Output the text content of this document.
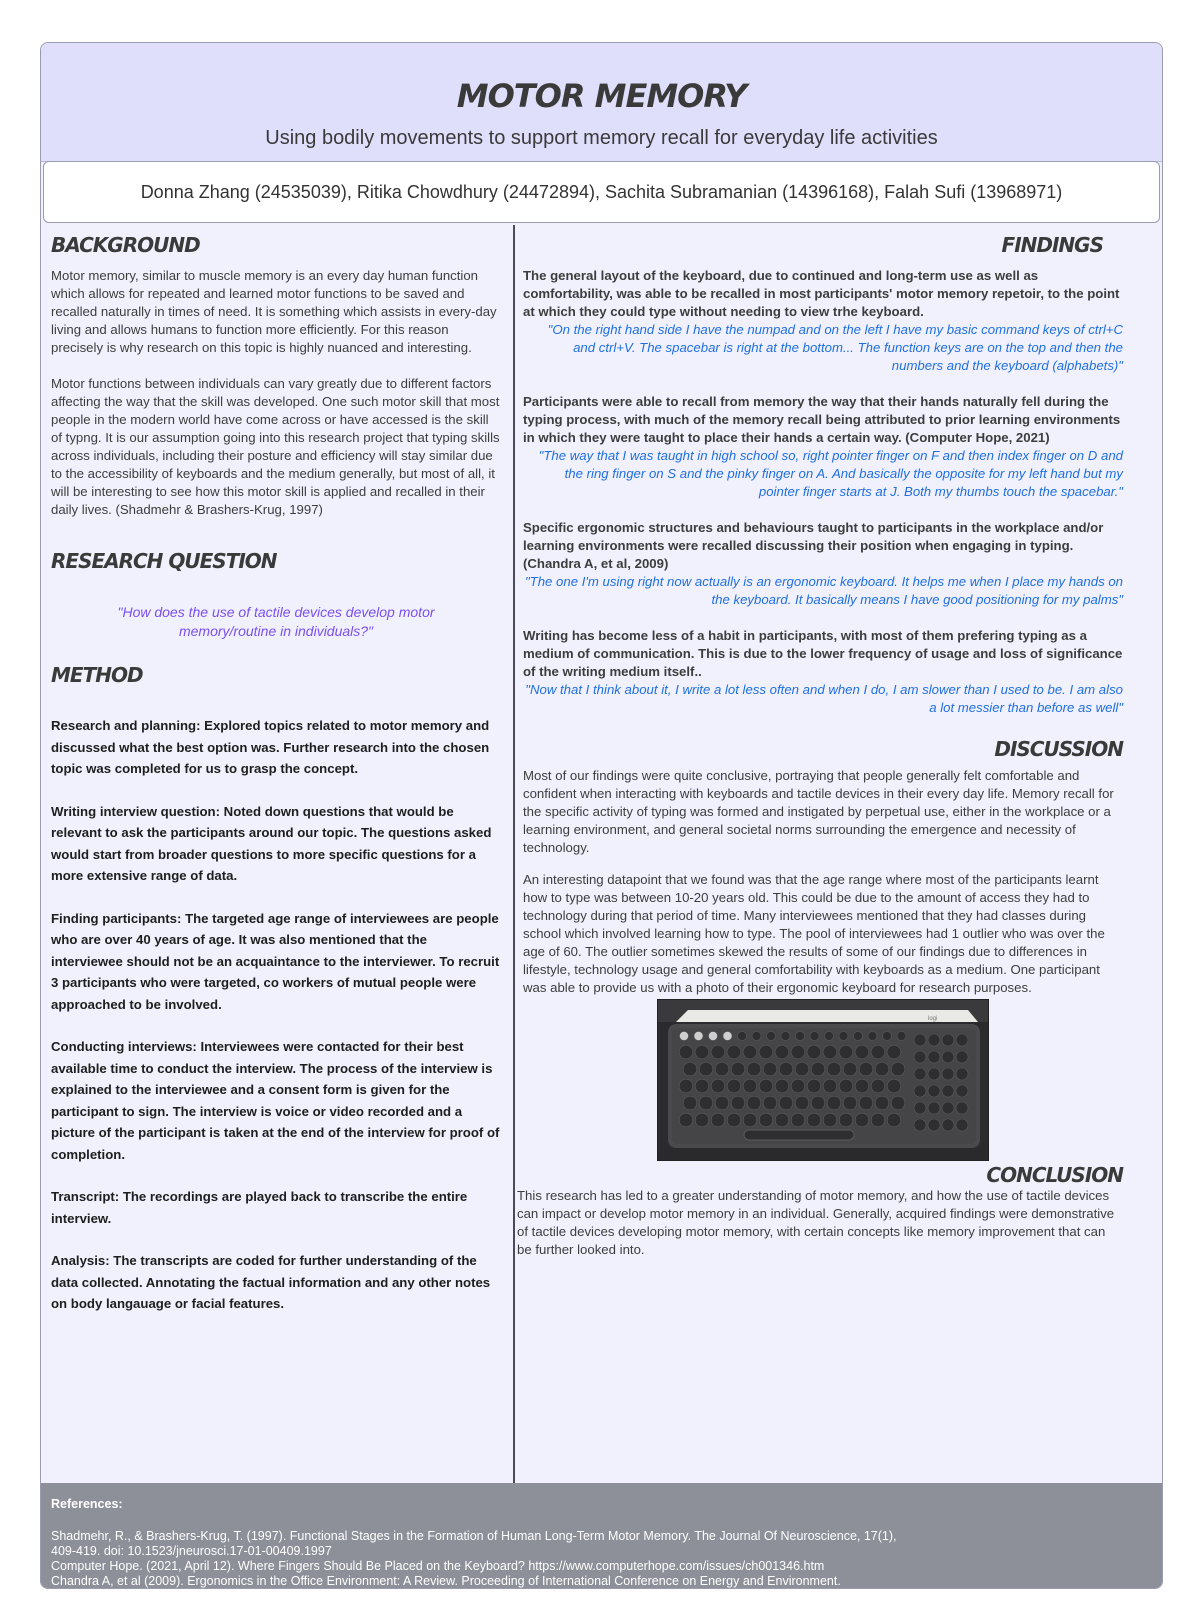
MOTOR MEMORY
Using bodily movements to support memory recall for everyday life activities
Donna Zhang (24535039), Ritika Chowdhury (24472894), Sachita Subramanian (14396168), Falah Sufi (13968971)
BACKGROUND

Motor memory, similar to muscle memory is an every day human function which allows for repeated and learned motor functions to be saved and recalled naturally in times of need. It is something which assists in every-day living and allows humans to function more efficiently. For this reason precisely is why research on this topic is highly nuanced and interesting.

Motor functions between individuals can vary greatly due to different factors affecting the way that the skill was developed. One such motor skill that most people in the modern world have come across or have accessed is the skill of typng. It is our assumption going into this research project that typing skills across individuals, including their posture and efficiency will stay similar due to the accessibility of keyboards and the medium generally, but most of all, it will be interesting to see how this motor skill is applied and recalled in their daily lives. (Shadmehr & Brashers-Krug, 1997)

RESEARCH QUESTION

"How does the use of tactile devices develop motor memory/routine in individuals?"

METHOD

Research and planning: Explored topics related to motor memory and discussed what the best option was. Further research into the chosen topic was completed for us to grasp the concept.

Writing interview question: Noted down questions that would be relevant to ask the participants around our topic. The questions asked would start from broader questions to more specific questions for a more extensive range of data.

Finding participants: The targeted age range of interviewees are people who are over 40 years of age. It was also mentioned that the interviewee should not be an acquaintance to the interviewer. To recruit 3 participants who were targeted, co workers of mutual people were approached to be involved.

Conducting interviews: Interviewees were contacted for their best available time to conduct the interview. The process of the interview is explained to the interviewee and a consent form is given for the participant to sign. The interview is voice or video recorded and a picture of the participant is taken at the end of the interview for proof of completion.

Transcript: The recordings are played back to transcribe the entire interview.

Analysis: The transcripts are coded for further understanding of the data collected. Annotating the factual information and any other notes on body langauage or facial features.

FINDINGS

The general layout of the keyboard, due to continued and long-term use as well as comfortability, was able to be recalled in most participants' motor memory repetoir, to the point at which they could type without needing to view trhe keyboard.

"On the right hand side I have the numpad and on the left I have my basic command keys of ctrl+C and ctrl+V. The spacebar is right at the bottom... The function keys are on the top and then the numbers and the keyboard (alphabets)"

Participants were able to recall from memory the way that their hands naturally fell during the typing process, with much of the memory recall being attributed to prior learning environments in which they were taught to place their hands a certain way. (Computer Hope, 2021)

"The way that I was taught in high school so, right pointer finger on F and then index finger on D and the ring finger on S and the pinky finger on A. And basically the opposite for my left hand but my pointer finger starts at J. Both my thumbs touch the spacebar."

Specific ergonomic structures and behaviours taught to participants in the workplace and/or learning environments were recalled discussing their position when engaging in typing. (Chandra A, et al, 2009)

"The one I'm using right now actually is an ergonomic keyboard. It helps me when I place my hands on the keyboard. It basically means I have good positioning for my palms"

Writing has become less of a habit in participants, with most of them prefering typing as a medium of communication. This is due to the lower frequency of usage and loss of significance of the writing medium itself..

"Now that I think about it, I write a lot less often and when I do, I am slower than I used to be. I am also a lot messier than before as well"

DISCUSSION

Most of our findings were quite conclusive, portraying that people generally felt comfortable and confident when interacting with keyboards and tactile devices in their every day life. Memory recall for the specific activity of typing was formed and instigated by perpetual use, either in the workplace or a learning environment, and general societal norms surrounding the emergence and necessity of technology.

An interesting datapoint that we found was that the age range where most of the participants learnt how to type was between 10-20 years old. This could be due to the amount of access they had to technology during that period of time. Many interviewees mentioned that they had classes during school which involved learning how to type. The pool of interviewees had 1 outlier who was over the age of 60. The outlier sometimes skewed the results of some of our findings due to differences in lifestyle, technology usage and general comfortability with keyboards as a medium. One participant was able to provide us with a photo of their ergonomic keyboard for research purposes.

logi
CONCLUSION

This research has led to a greater understanding of motor memory, and how the use of tactile devices can impact or develop motor memory in an individual. Generally, acquired findings were demonstrative of tactile devices developing motor memory, with certain concepts like memory improvement that can be further looked into.

References:
Shadmehr, R., & Brashers-Krug, T. (1997). Functional Stages in the Formation of Human Long-Term Motor Memory. The Journal Of Neuroscience, 17(1),
409-419. doi: 10.1523/jneurosci.17-01-00409.1997
Computer Hope. (2021, April 12). Where Fingers Should Be Placed on the Keyboard? https://www.computerhope.com/issues/ch001346.htm
Chandra A, et al (2009). Ergonomics in the Office Environment: A Review. Proceeding of International Conference on Energy and Environment.
